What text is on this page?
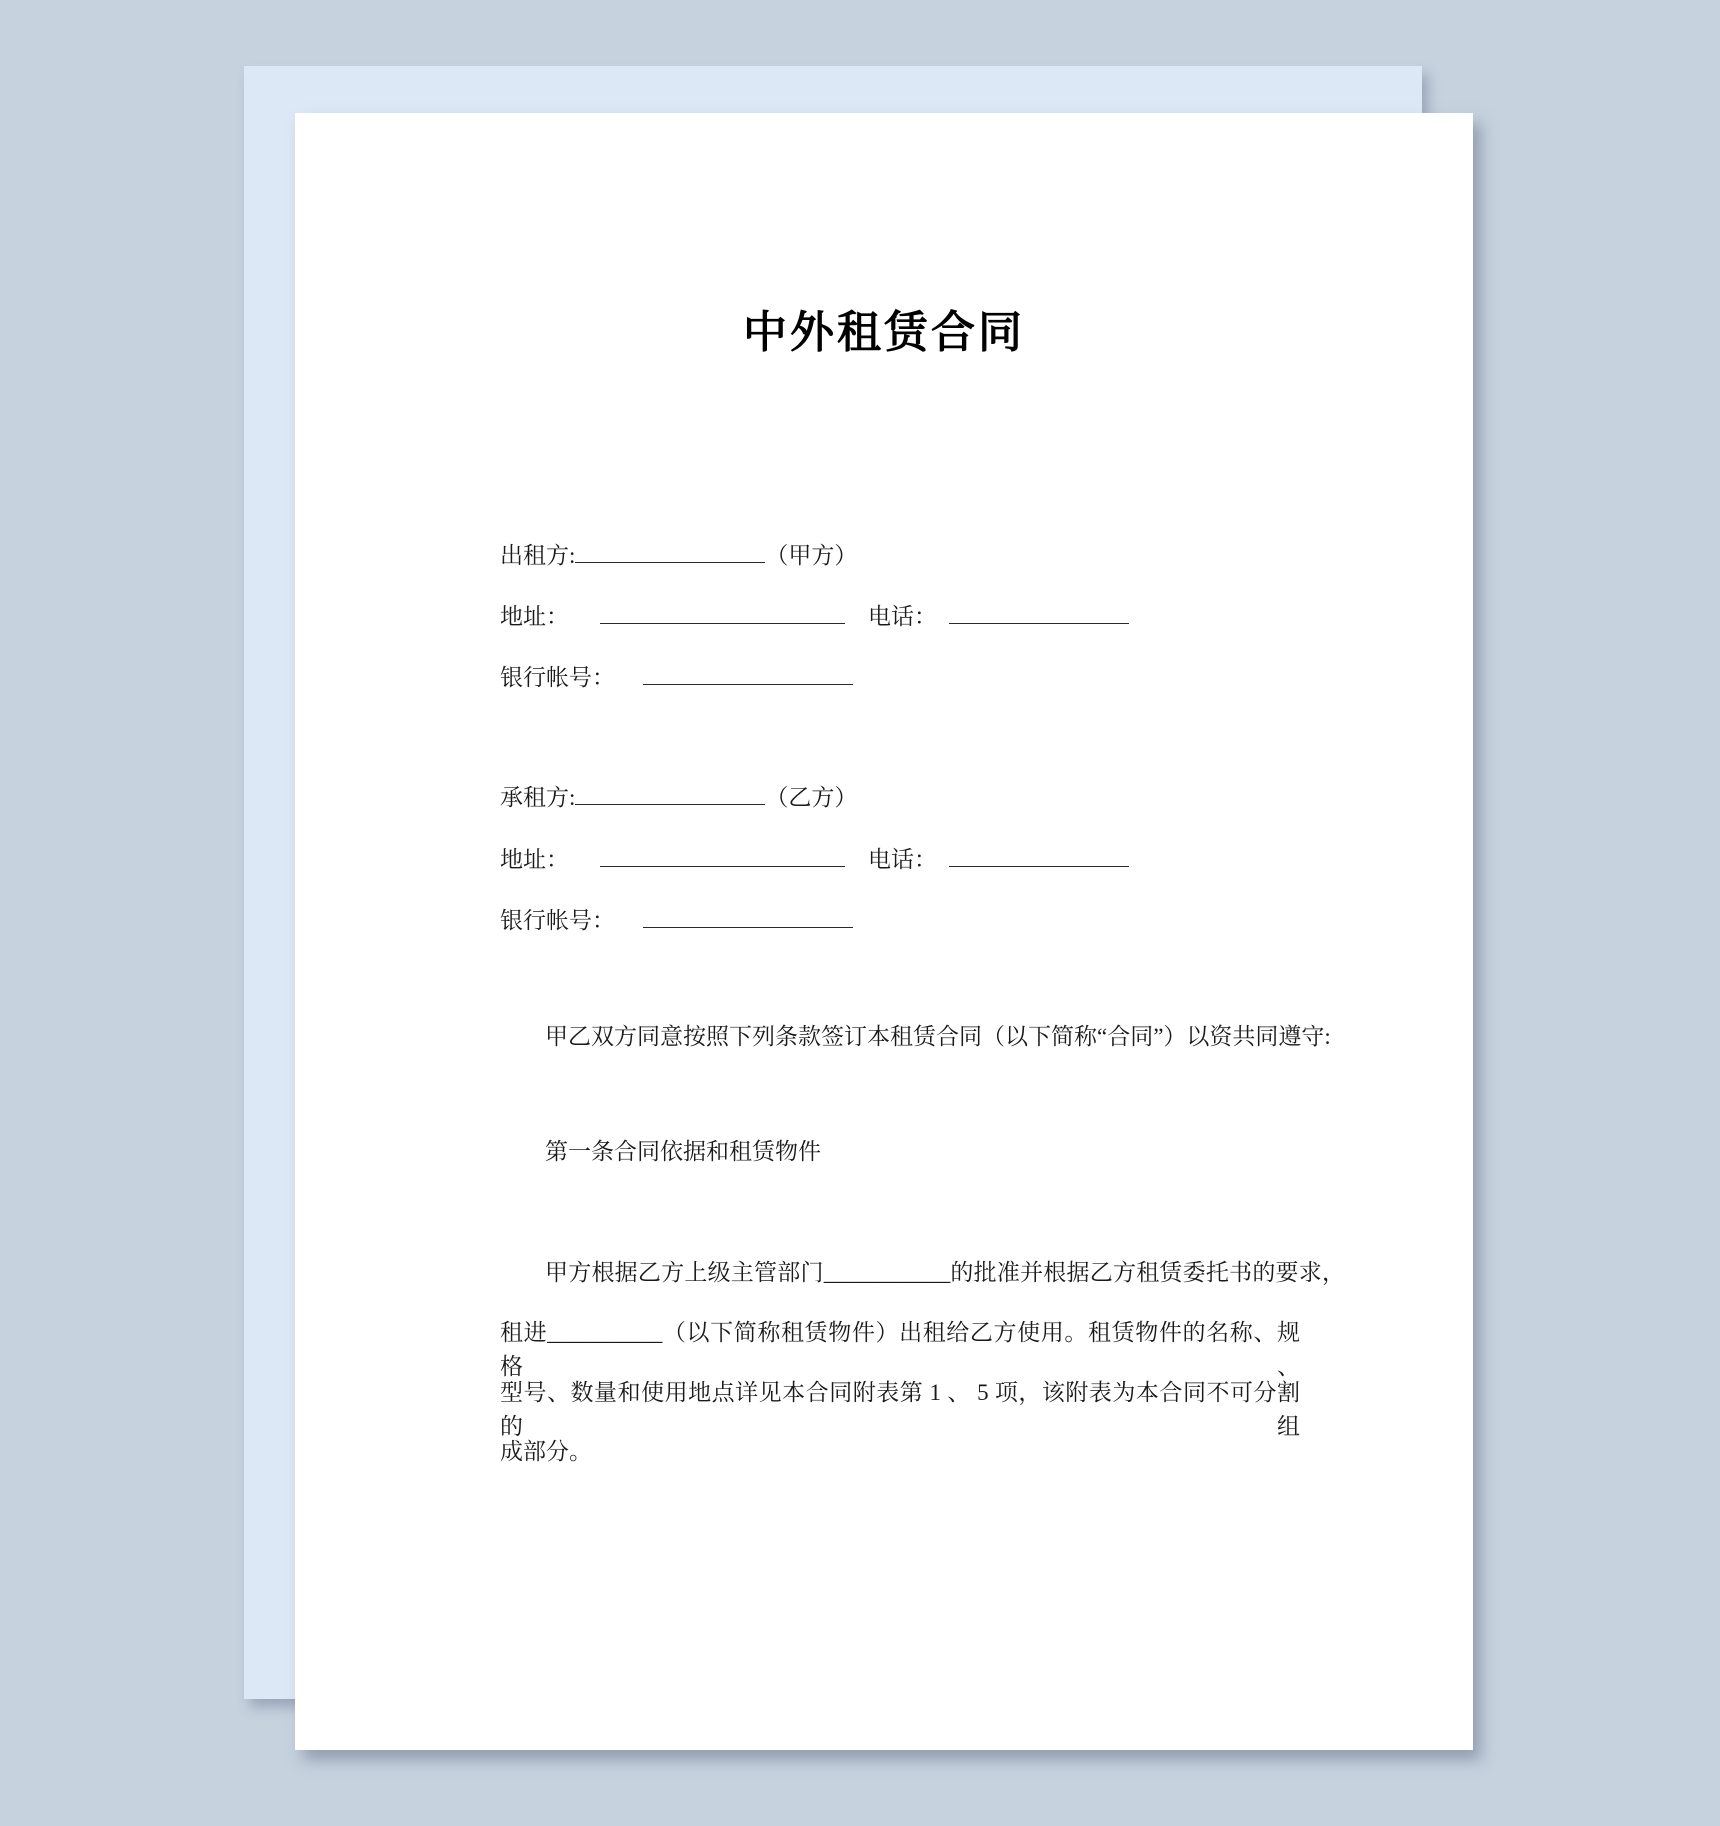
中外租赁合同
出租方:	（甲方）
地址：	电话：
银行帐号：
承租方:	（乙方）
地址：	电话：
银行帐号：
甲乙双方同意按照下列条款签订本租赁合同（以下简称“合同”）以资共同遵守:
第一条合同依据和租赁物件
甲方根据乙方上级主管部门___________的批准并根据乙方租赁委托书的要求，
租进__________（以下简称租赁物件）出租给乙方使用。租赁物件的名称、规格、
型号、数量和使用地点详见本合同附表第 1 、 5 项，该附表为本合同不可分割的组
成部分。
